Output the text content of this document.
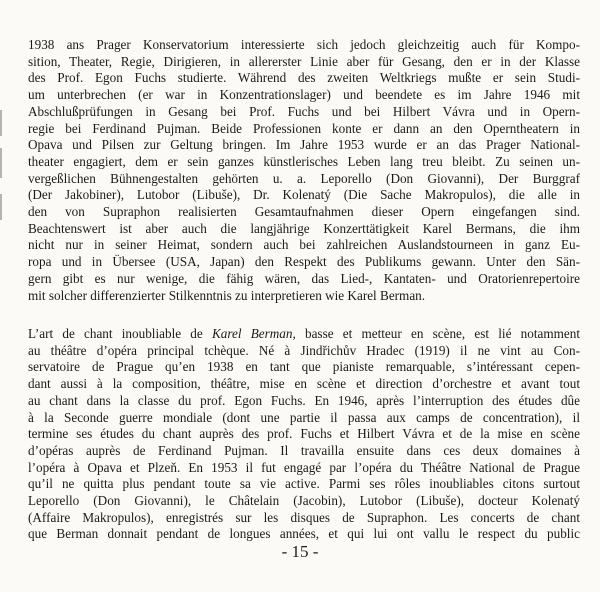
1938 ans Prager Konservatorium interessierte sich jedoch gleichzeitig auch für Kompo-
sition, Theater, Regie, Dirigieren, in allererster Linie aber für Gesang, den er in der Klasse
des Prof. Egon Fuchs studierte. Während des zweiten Weltkriegs mußte er sein Studi-
um unterbrechen (er war in Konzentrationslager) und beendete es im Jahre 1946 mit
Abschlußprüfungen in Gesang bei Prof. Fuchs und bei Hilbert Vávra und in Opern-
regie bei Ferdinand Pujman. Beide Professionen konte er dann an den Operntheatern in
Opava und Pilsen zur Geltung bringen. Im Jahre 1953 wurde er an das Prager National-
theater engagiert, dem er sein ganzes künstlerisches Leben lang treu bleibt. Zu seinen un-
vergeßlichen Bühnengestalten gehörten u. a. Leporello (Don Giovanni), Der Burggraf
(Der Jakobiner), Lutobor (Libuše), Dr. Kolenatý (Die Sache Makropulos), die alle in
den von Supraphon realisierten Gesamtaufnahmen dieser Opern eingefangen sind.
Beachtenswert ist aber auch die langjährige Konzerttätigkeit Karel Bermans, die ihm
nicht nur in seiner Heimat, sondern auch bei zahlreichen Auslandstourneen in ganz Eu-
ropa und in Übersee (USA, Japan) den Respekt des Publikums gewann. Unter den Sän-
gern gibt es nur wenige, die fähig wären, das Lied-, Kantaten- und Oratorienrepertoire
mit solcher differenzierter Stilkenntnis zu interpretieren wie Karel Berman.

L’art de chant inoubliable de Karel Berman, basse et metteur en scène, est lié notamment
au théâtre d’opéra principal tchèque. Né à Jindřichův Hradec (1919) il ne vint au Con-
servatoire de Prague qu’en 1938 en tant que pianiste remarquable, s’intéressant cepen-
dant aussi à la composition, théâtre, mise en scène et direction d’orchestre et avant tout
au chant dans la classe du prof. Egon Fuchs. En 1946, après l’interruption des études dûe
à la Seconde guerre mondiale (dont une partie il passa aux camps de concentration), il
termine ses études du chant auprès des prof. Fuchs et Hilbert Vávra et de la mise en scène
d’opéras auprès de Ferdinand Pujman. Il travailla ensuite dans ces deux domaines à
l’opéra à Opava et Plzeň. En 1953 il fut engagé par l’opéra du Théâtre National de Prague
qu’il ne quitta plus pendant toute sa vie active. Parmi ses rôles inoubliables citons surtout
Leporello (Don Giovanni), le Châtelain (Jacobin), Lutobor (Libuše), docteur Kolenatý
(Affaire Makropulos), enregistrés sur les disques de Supraphon. Les concerts de chant
que Berman donnait pendant de longues années, et qui lui ont vallu le respect du public

- 15 -
